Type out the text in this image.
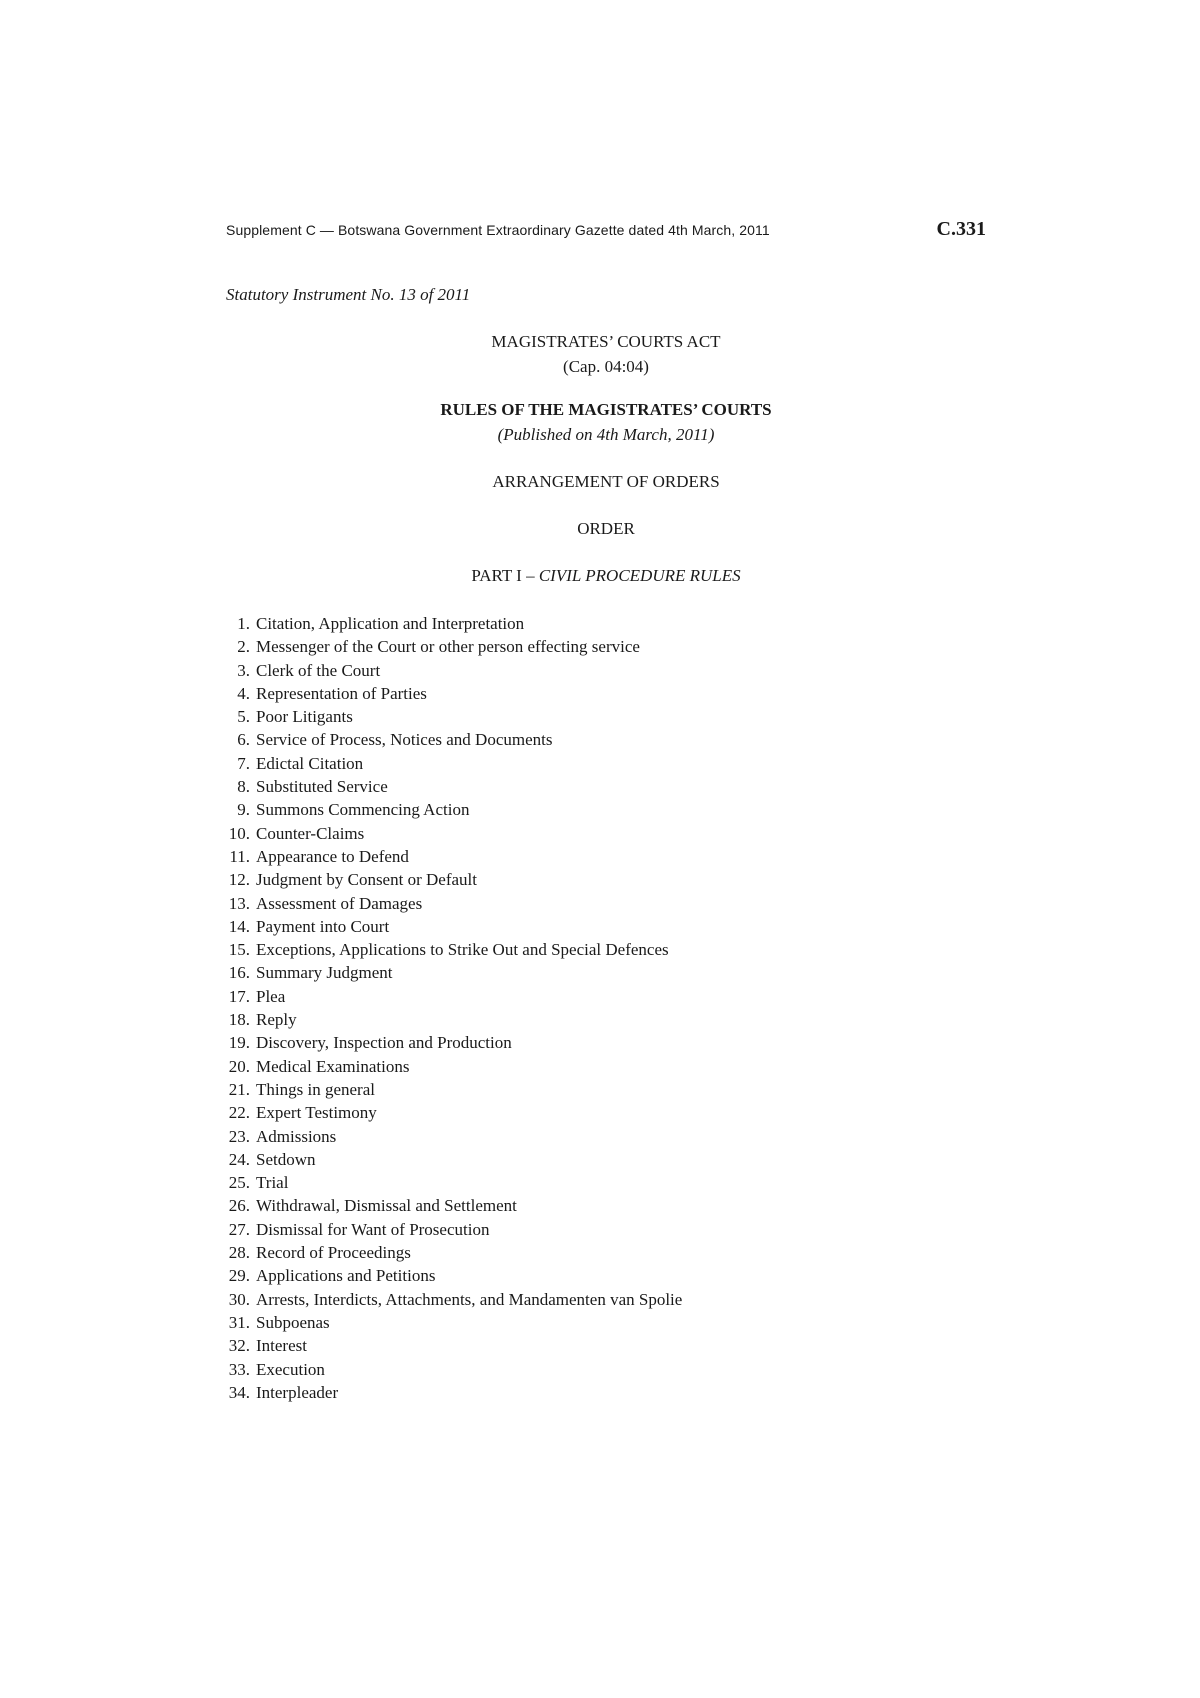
Supplement C — Botswana Government Extraordinary Gazette dated 4th March, 2011	C.331
Statutory Instrument No. 13 of 2011
MAGISTRATES’ COURTS ACT
(Cap. 04:04)
RULES OF THE MAGISTRATES’ COURTS
(Published on 4th March, 2011)
ARRANGEMENT OF ORDERS
ORDER
PART I – CIVIL PROCEDURE RULES
1. Citation, Application and Interpretation
2. Messenger of the Court or other person effecting service
3. Clerk of the Court
4. Representation of Parties
5. Poor Litigants
6. Service of Process, Notices and Documents
7. Edictal Citation
8. Substituted Service
9. Summons Commencing Action
10. Counter-Claims
11. Appearance to Defend
12. Judgment by Consent or Default
13. Assessment of Damages
14. Payment into Court
15. Exceptions, Applications to Strike Out and Special Defences
16. Summary Judgment
17. Plea
18. Reply
19. Discovery, Inspection and Production
20. Medical Examinations
21. Things in general
22. Expert Testimony
23. Admissions
24. Setdown
25. Trial
26. Withdrawal, Dismissal and Settlement
27. Dismissal for Want of Prosecution
28. Record of Proceedings
29. Applications and Petitions
30. Arrests, Interdicts, Attachments, and Mandamenten van Spolie
31. Subpoenas
32. Interest
33. Execution
34. Interpleader
